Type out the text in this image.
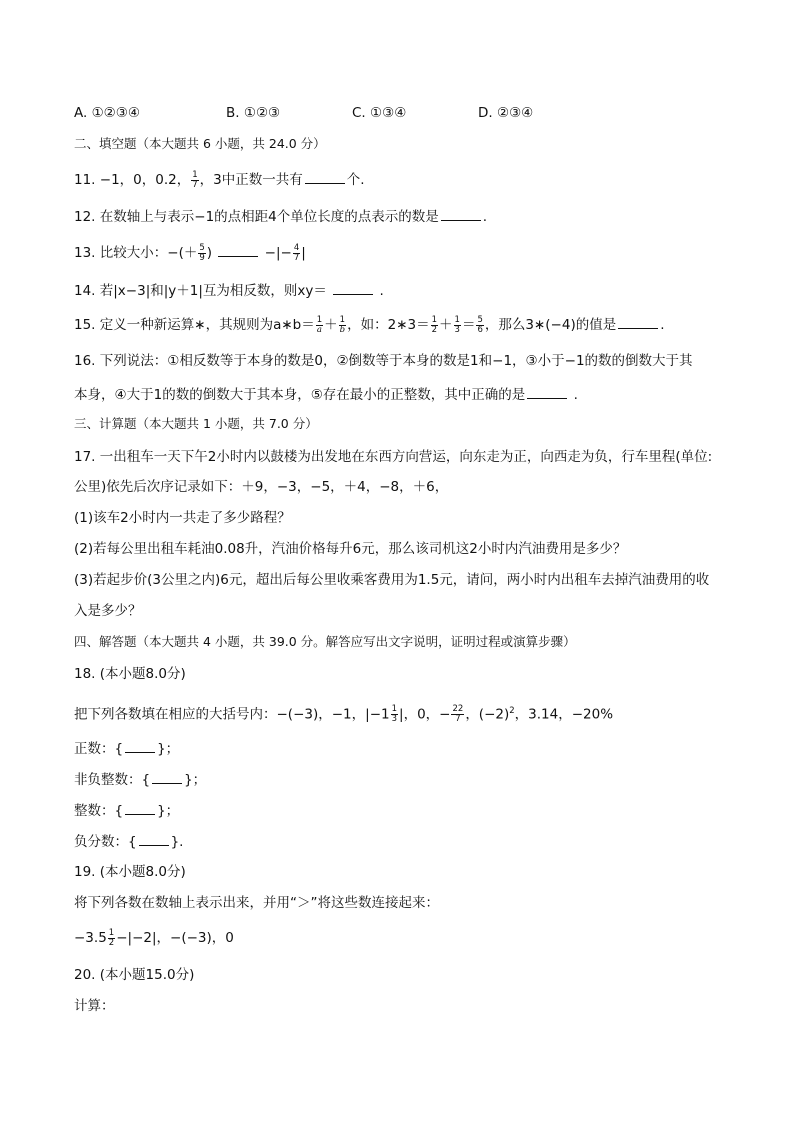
A. ①②③④	B. ①②③	C. ①③④	D. ②③④
二、填空题（本大题共 6 小题，共 24.0 分）
11. −1，0，0.2， $\frac{1}{7}$ ，3中正数一共有	个.
12. 在数轴上与表示−1的点相距4个单位长度的点表示的数是	.
13. 比较大小：−(＋ $\frac{5}{9}$ )	−|− $\frac{4}{7}$ |
14. 若|x−3|和|y＋1|互为相反数，则xy＝	.
15. 定义一种新运算∗，其规则为a∗b＝ $\frac{1}{a} + \frac{1}{b}$ ，如：2∗3＝ $\frac{1}{2} + \frac{1}{3} = \frac{5}{6}$ ，那么3∗(−4)的值是	.
16. 下列说法：①相反数等于本身的数是0，②倒数等于本身的数是1和−1，③小于−1的数的倒数大于其
本身，④大于1的数的倒数大于其本身，⑤存在最小的正整数，其中正确的是	.
三、计算题（本大题共 1 小题，共 7.0 分）
17. 一出租车一天下午2小时内以鼓楼为出发地在东西方向营运，向东走为正，向西走为负，行车里程(单位:
公里)依先后次序记录如下：＋9，−3，−5，＋4，−8，＋6，
(1)该车2小时内一共走了多少路程？
(2)若每公里出租车耗油0.08升，汽油价格每升6元，那么该司机这2小时内汽油费用是多少？
(3)若起步价(3公里之内)6元，超出后每公里收乘客费用为1.5元，请问，两小时内出租车去掉汽油费用的收
入是多少？
四、解答题（本大题共 4 小题，共 39.0 分。解答应写出文字说明，证明过程或演算步骤）
18. (本小题8.0分)
把下列各数填在相应的大括号内：−(−3)，−1，$|-1 \frac{1}{3}$ |，0，− $\frac{22}{7}$ ，$(-2)^2$，3.14，−20%
正数：{	}；
非负整数：{	}；
整数：{	}；
负分数：{	}.
19. (本小题8.0分)
将下列各数在数轴上表示出来，并用“＞”将这些数连接起来：
$-3.5 \frac{1}{2} -|-2|$，−(−3)，0
20. (本小题15.0分)
计算：
